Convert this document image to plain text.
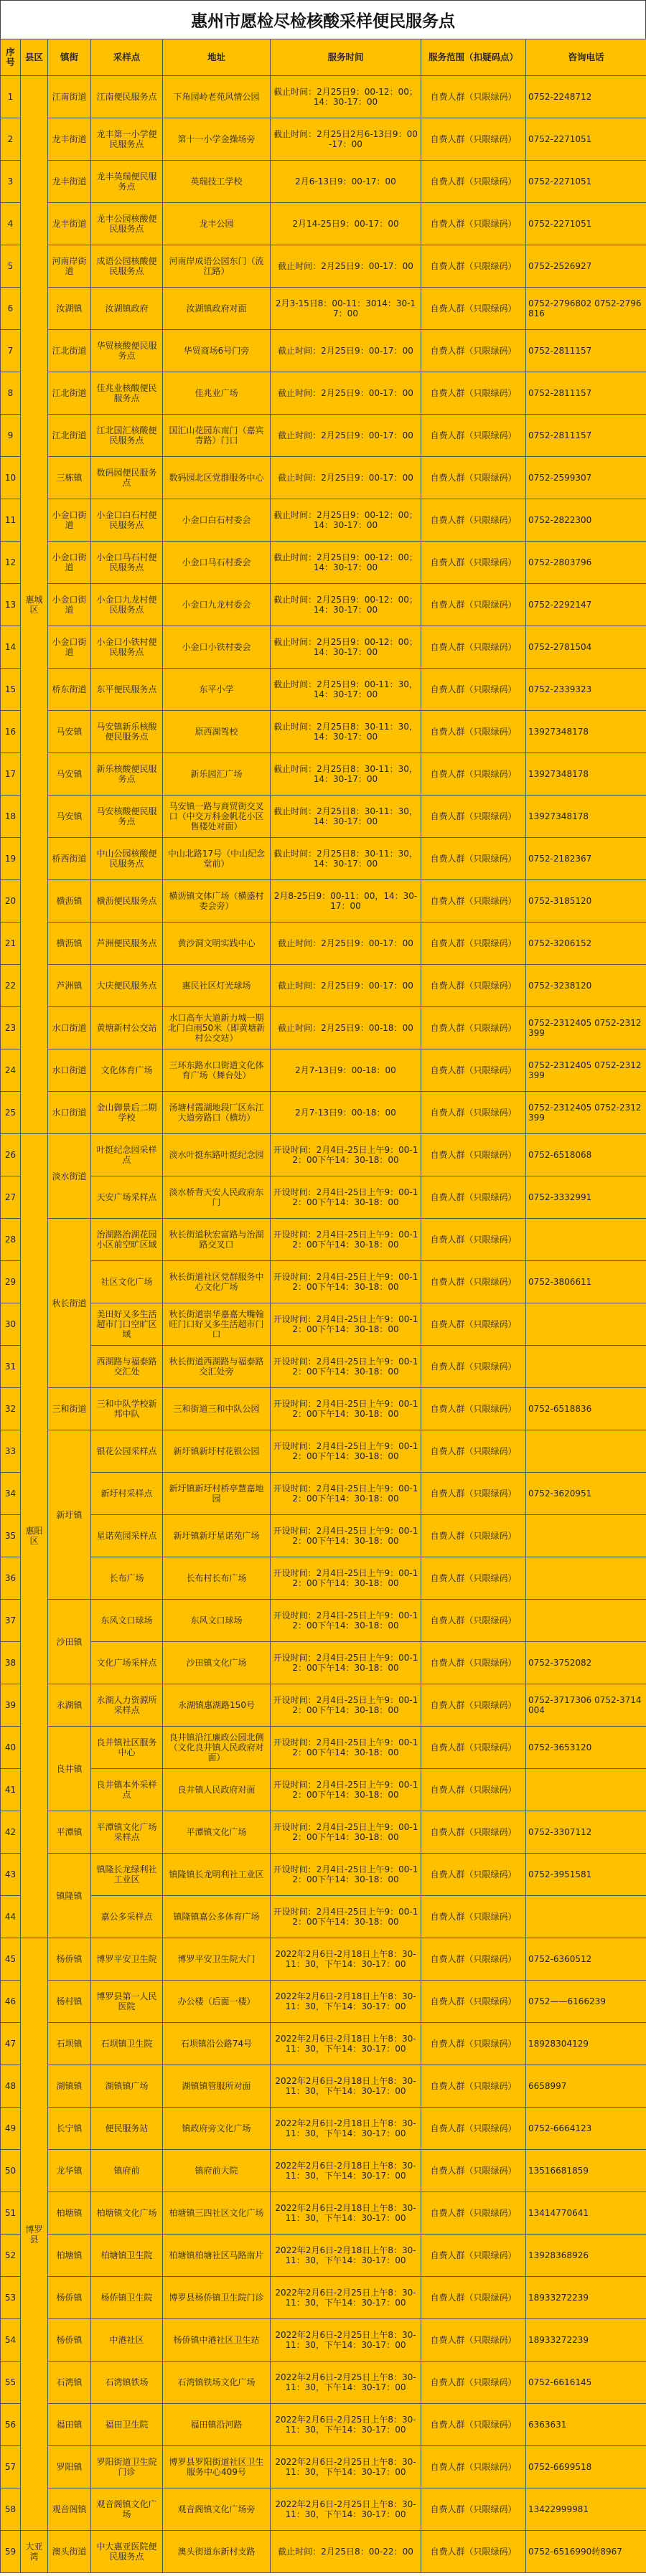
惠州市愿检尽检核酸采样便民服务点
序号	县区	镇街	采样点	地址	服务时间	服务范围（扣疑码点）	咨询电话
1	惠城区	江南街道	江南便民服务点	下角园岭老苑风情公园	截止时间：2月25日9：00-12：00；14：30-17：00	自费人群（只限绿码）	0752-2248712
2		龙丰街道	龙丰第一小学便民服务点	第十一小学金操场旁	截止时间：2月25日2月6-13日9：00-17：00	自费人群（只限绿码）	0752-2271051
3		龙丰街道	龙丰英瑞便民服务点	英瑞技工学校	2月6-13日9：00-17：00	自费人群（只限绿码）	0752-2271051
4		龙丰街道	龙丰公园核酸便民服务点	龙丰公园	2月14-25日9：00-17：00	自费人群（只限绿码）	0752-2271051
5		河南岸街道	成语公园核酸便民服务点	河南岸成语公园东门（流江路）	截止时间：2月25日9：00-17：00	自费人群（只限绿码）	0752-2526927
6		汝湖镇	汝湖镇政府	汝湖镇政府对面	2月3-15日8：00-11：3014：30-17：00	自费人群（只限绿码）	0752-2796802 0752-2796816
7		江北街道	华贸核酸便民服务点	华贸商场6号门旁	截止时间：2月25日9：00-17：00	自费人群（只限绿码）	0752-2811157
8		江北街道	佳兆业核酸便民服务点	佳兆业广场	截止时间：2月25日9：00-17：00	自费人群（只限绿码）	0752-2811157
9		江北街道	江北国汇核酸便民服务点	国汇山花园东南门（嘉宾青路）门口	截止时间：2月25日9：00-17：00	自费人群（只限绿码）	0752-2811157
10		三栋镇	数码园便民服务点	数码园北区党群服务中心	截止时间：2月25日9：00-17：00	自费人群（只限绿码）	0752-2599307
11		小金口街道	小金口白石村便民服务点	小金口白石村委会	截止时间：2月25日9：00-12：00；14：30-17：00	自费人群（只限绿码）	0752-2822300
12		小金口街道	小金口马石村便民服务点	小金口马石村委会	截止时间：2月25日9：00-12：00；14：30-17：00	自费人群（只限绿码）	0752-2803796
13		小金口街道	小金口九龙村便民服务点	小金口九龙村委会	截止时间：2月25日9：00-12：00；14：30-17：00	自费人群（只限绿码）	0752-2292147
14		小金口街道	小金口小铁村便民服务点	小金口小铁村委会	截止时间：2月25日9：00-12：00；14：30-17：00	自费人群（只限绿码）	0752-2781504
15		桥东街道	东平便民服务点	东平小学	截止时间：2月25日9：00-11：30，14：30-17：00	自费人群（只限绿码）	0752-2339323
16		马安镇	马安镇新乐核酸便民服务点	原西湖驾校	截止时间：2月25日8：30-11：30，14：30-17：00	自费人群（只限绿码）	13927348178
17		马安镇	新乐核酸便民服务点	新乐园汇广场	截止时间：2月25日8：30-11：30，14：30-17：00	自费人群（只限绿码）	13927348178
18		马安镇	马安核酸便民服务点	马安镇一路与商贸街交叉口（中交万科金帆花小区售楼处对面）	截止时间：2月25日8：30-11：30，14：30-17：00	自费人群（只限绿码）	13927348178
19		桥西街道	中山公园核酸便民服务点	中山北路17号（中山纪念堂前）	截止时间：2月25日8：30-11：30，14：30-17：00	自费人群（只限绿码）	0752-2182367
20		横沥镇	横沥便民服务点	横沥镇文体广场（横盛村委会旁）	2月8-25日9：00-11：00，14：30-17：00	自费人群（只限绿码）	0752-3185120
21		横沥镇	芦洲便民服务点	黄沙洞文明实践中心	截止时间：2月25日9：00-17：00	自费人群（只限绿码）	0752-3206152
22		芦洲镇	大庆便民服务点	惠民社区灯光球场	截止时间：2月25日9：00-17：00	自费人群（只限绿码）	0752-3238120
23		水口街道	黄塘新村公交站	水口高车大道新力城一期北门白雨50米（即黄塘新村公交站）	截止时间：2月25日9：00-18：00	自费人群（只限绿码）	0752-2312405 0752-2312399
24		水口街道	文化体育广场	三环东路水口街道文化体育广场（舞台处）	2月7-13日9：00-18：00	自费人群（只限绿码）	0752-2312405 0752-2312399
25		水口街道	金山御景后二期学校	汤塘村霞湖地段厂区东江大道旁路口（横坊）	2月7-13日9：00-18：00	自费人群（只限绿码）	0752-2312405 0752-2312399
26	惠阳区	淡水街道	叶挺纪念园采样点	淡水叶挺东路叶挺纪念园	开设时间：2月4日-25日上午9：00-12：00下午14：30-18：00	自费人群（只限绿码）	0752-6518068
27			天安广场采样点	淡水桥背天安人民政府东门	开设时间：2月4日-25日上午9：00-12：00下午14：30-18：00	自费人群（只限绿码）	0752-3332991
28		秋长街道	治湖路治湖花园小区前空旷区域	秋长街道秋宏富路与治湖路交叉口	开设时间：2月4日-25日上午9：00-12：00下午14：30-18：00	自费人群（只限绿码）	
29			社区文化广场	秋长街道社区党群服务中心文化广场	开设时间：2月4日-25日上午9：00-12：00下午14：30-18：00	自费人群（只限绿码）	0752-3806611
30			美田好又多生活超市门口空旷区域	秋长街道崇华嘉嘉大嘴翰旺门口好又多生活超市门口	开设时间：2月4日-25日上午9：00-12：00下午14：30-18：00	自费人群（只限绿码）	
31			西湖路与福泰路交汇处	秋长街道西湖路与福泰路交汇处旁	开设时间：2月4日-25日上午9：00-12：00下午14：30-18：00	自费人群（只限绿码）	
32		三和街道	三和中队学校新邦中队	三和街道三和中队公园	开设时间：2月4日-25日上午9：00-12：00下午14：30-18：00	自费人群（只限绿码）	0752-6518836
33		新圩镇	银花公园采样点	新圩镇新圩村花银公园	开设时间：2月4日-25日上午9：00-12：00下午14：30-18：00	自费人群（只限绿码）	
34			新圩村采样点	新圩镇新圩村桥亭慧嘉地园	开设时间：2月4日-25日上午9：00-12：00下午14：30-18：00	自费人群（只限绿码）	0752-3620951
35			星诺苑园采样点	新圩镇新圩星诺苑广场	开设时间：2月4日-25日上午9：00-12：00下午14：30-18：00	自费人群（只限绿码）	
36			长布广场	长布村长布广场	开设时间：2月4日-25日上午9：00-12：00下午14：30-18：00	自费人群（只限绿码）	
37		沙田镇	东风文口球场	东风文口球场	开设时间：2月4日-25日上午9：00-12：00下午14：30-18：00	自费人群（只限绿码）	
38			文化广场采样点	沙田镇文化广场	开设时间：2月4日-25日上午9：00-12：00下午14：30-18：00	自费人群（只限绿码）	0752-3752082
39		永湖镇	永湖人力资源所采样点	永湖镇惠湖路150号	开设时间：2月4日-25日上午9：00-12：00下午14：30-18：00	自费人群（只限绿码）	0752-3717306 0752-3714004
40		良井镇	良井镇社区服务中心	良井镇沿江廉政公园北侧（文化良井镇人民政府对面）	开设时间：2月4日-25日上午9：00-12：00下午14：30-18：00	自费人群（只限绿码）	0752-3653120
41			良井镇本外采样点	良井镇人民政府对面	开设时间：2月4日-25日上午9：00-12：00下午14：30-18：00	自费人群（只限绿码）	
42		平潭镇	平潭镇文化广场采样点	平潭镇文化广场	开设时间：2月4日-25日上午9：00-12：00下午14：30-18：00	自费人群（只限绿码）	0752-3307112
43		镇隆镇	镇隆长龙绿利社工业区	镇隆镇长龙明利社工业区	开设时间：2月4日-25日上午9：00-12：00下午14：30-18：00	自费人群（只限绿码）	0752-3951581
44			嘉公多采样点	镇隆镇嘉公多体育广场	开设时间：2月4日-25日上午9：00-12：00下午14：30-18：00	自费人群（只限绿码）	
45	博罗县	杨侨镇	博罗平安卫生院	博罗平安卫生院大门	2022年2月6日-2月18日上午8：30-11：30，下午14：30-17：00	自费人群（只限绿码）	0752-6360512
46		杨村镇	博罗县第一人民医院	办公楼（后面一楼）	2022年2月6日-2月18日上午8：30-11：30，下午14：30-17：00	自费人群（只限绿码）	0752——6166239
47		石坝镇	石坝镇卫生院	石坝镇沿公路74号	2022年2月6日-2月18日上午8：30-11：30，下午14：30-17：00	自费人群（只限绿码）	18928304129
48		湖镇镇	湖镇镇广场	湖镇镇管服所对面	2022年2月6日-2月18日上午8：30-11：30，下午14：30-17：00	自费人群（只限绿码）	6658997
49		长宁镇	便民服务站	镇政府旁文化广场	2022年2月6日-2月18日上午8：30-11：30，下午14：30-17：00	自费人群（只限绿码）	0752-6664123
50		龙华镇	镇府前	镇府前大院	2022年2月6日-2月18日上午8：30-11：30，下午14：30-17：00	自费人群（只限绿码）	13516681859
51		柏塘镇	柏塘镇文化广场	柏塘镇三四社区文化广场	2022年2月6日-2月18日上午8：30-11：30，下午14：30-17：00	自费人群（只限绿码）	13414770641
52		柏塘镇	柏塘镇卫生院	柏塘镇柏塘社区马路南片	2022年2月6日-2月18日上午8：30-11：30，下午14：30-17：00	自费人群（只限绿码）	13928368926
53		杨侨镇	杨侨镇卫生院	博罗县杨侨镇卫生院门诊	2022年2月6日-2月25日上午8：30-11：30，下午14：30-17：00	自费人群（只限绿码）	18933272239
54		杨侨镇	中港社区	杨侨镇中港社区卫生站	2022年2月6日-2月25日上午8：30-11：30，下午14：30-17：00	自费人群（只限绿码）	18933272239
55		石湾镇	石湾镇铁场	石湾镇铁场文化广场	2022年2月6日-2月25日上午8：30-11：30，下午14：30-17：00	自费人群（只限绿码）	0752-6616145
56		福田镇	福田卫生院	福田镇沿河路	2022年2月6日-2月25日上午8：30-11：30，下午14：30-17：00	自费人群（只限绿码）	6363631
57		罗阳镇	罗阳街道卫生院门诊	博罗县罗阳街道社区卫生服务中心409号	2022年2月6日-2月25日上午8：30-11：30，下午14：30-17：00	自费人群（只限绿码）	0752-6699518
58		观音阁镇	观音阁镇文化广场	观音阁镇文化广场旁	2022年2月6日-2月25日上午8：30-11：30，下午14：30-17：00	自费人群（只限绿码）	13422999981
59	大亚湾	澳头街道	中大惠亚医院便民服务点	澳头街道东新村支路	截止时间：2月25日8：00-22：00	自费人群（只限绿码）	0752-6516990转8967
